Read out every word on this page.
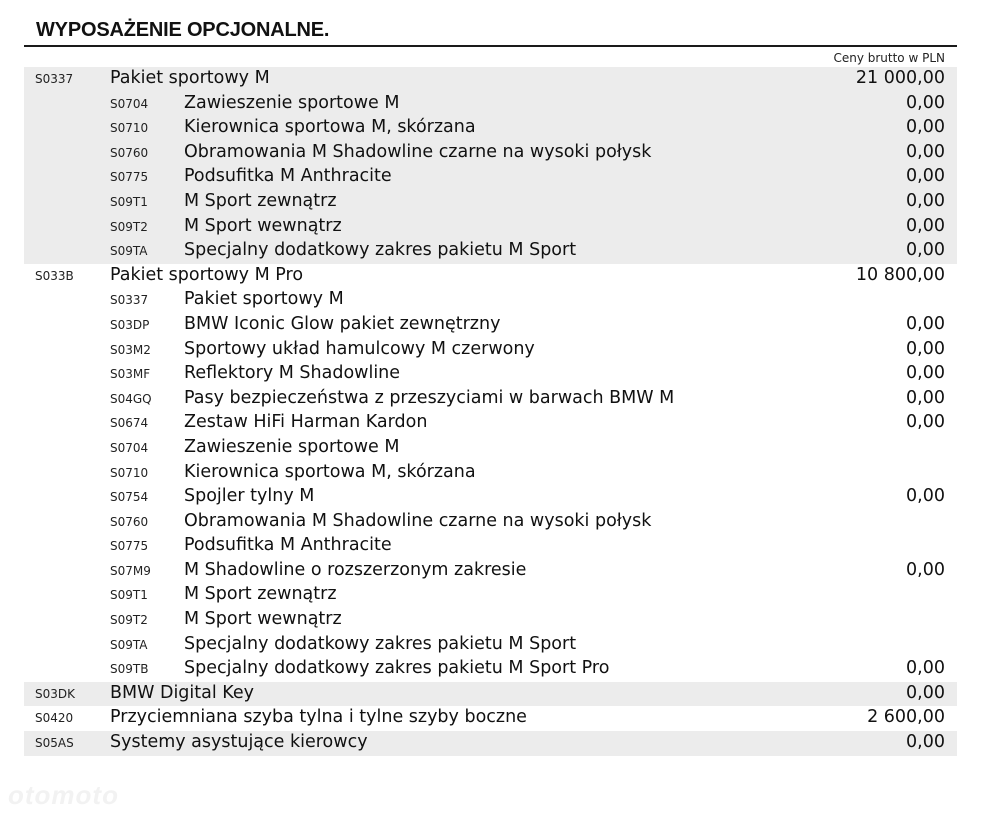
WYPOSAŻENIE OPCJONALNE.
Ceny brutto w PLN
S0337 Pakiet sportowy M	21 000,00
S0704 Zawieszenie sportowe M	0,00
S0710 Kierownica sportowa M, skórzana	0,00
S0760 Obramowania M Shadowline czarne na wysoki połysk	0,00
S0775 Podsufitka M Anthracite	0,00
S09T1 M Sport zewnątrz	0,00
S09T2 M Sport wewnątrz	0,00
S09TA Specjalny dodatkowy zakres pakietu M Sport	0,00
S033B Pakiet sportowy M Pro	10 800,00
S0337 Pakiet sportowy M
S03DP BMW Iconic Glow pakiet zewnętrzny	0,00
S03M2 Sportowy układ hamulcowy M czerwony	0,00
S03MF Reflektory M Shadowline	0,00
S04GQ Pasy bezpieczeństwa z przeszyciami w barwach BMW M	0,00
S0674 Zestaw HiFi Harman Kardon	0,00
S0704 Zawieszenie sportowe M
S0710 Kierownica sportowa M, skórzana
S0754 Spojler tylny M	0,00
S0760 Obramowania M Shadowline czarne na wysoki połysk
S0775 Podsufitka M Anthracite
S07M9 M Shadowline o rozszerzonym zakresie	0,00
S09T1 M Sport zewnątrz
S09T2 M Sport wewnątrz
S09TA Specjalny dodatkowy zakres pakietu M Sport
S09TB Specjalny dodatkowy zakres pakietu M Sport Pro	0,00
S03DK BMW Digital Key	0,00
S0420 Przyciemniana szyba tylna i tylne szyby boczne	2 600,00
S05AS Systemy asystujące kierowcy	0,00
otomoto
